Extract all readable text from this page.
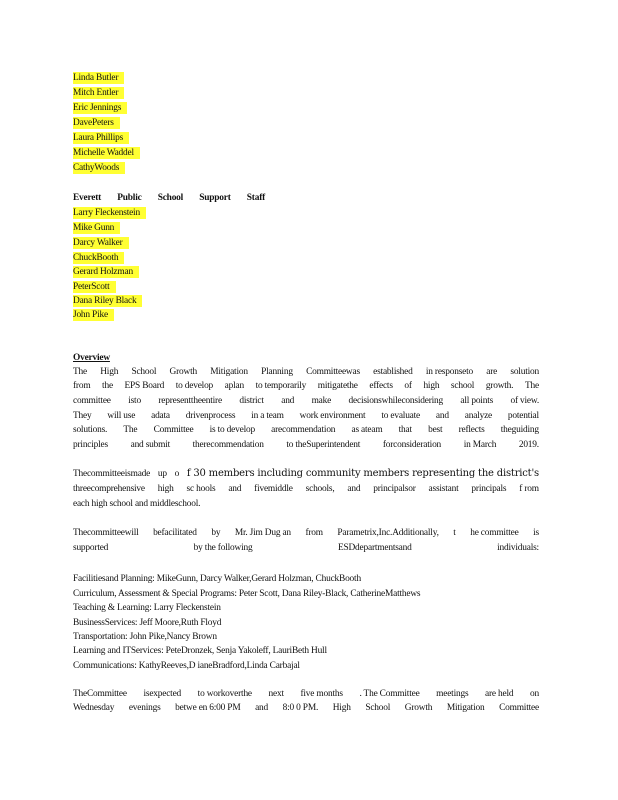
Linda Butler
Mitch Entler
Eric Jennings
DavePeters
Laura Phillips
Michelle Waddel
CathyWoods
Everett Public School Support Staff
Larry Fleckenstein
Mike Gunn
Darcy Walker
ChuckBooth
Gerard Holzman
PeterScott
Dana Riley Black
John Pike
Overview
The High School Growth Mitigation Planning Committeewas established in responseto are solution
from the EPS Board to develop aplan to temporarily mitigatethe effects of high school growth. The
committee isto representtheentire district and make decisionswhileconsidering all points of view.
They will use adata drivenprocess in a team work environment to evaluate and analyze potential
solutions. The Committee is to develop arecommendation as ateam that best reflects theguiding
principles and submit therecommendation to theSuperintendent forconsideration in March 2019.
Thecommitteeismade up o f 30 members including community members representing the district's
threecomprehensive high sc hools and fivemiddle schools, and principalsor assistant principals f rom
each high school and middleschool.
Thecommitteewill befacilitated by Mr. Jim Dug an from Parametrix,Inc.Additionally, t he committee is
supported	by the following	ESDdepartmentsand	individuals:
Facilitiesand Planning: MikeGunn, Darcy Walker,Gerard Holzman, ChuckBooth
Curriculum, Assessment & Special Programs: Peter Scott, Dana Riley-Black, CatherineMatthews
Teaching & Learning: Larry Fleckenstein
BusinessServices: Jeff Moore,Ruth Floyd
Transportation: John Pike,Nancy Brown
Learning and ITServices: PeteDronzek, Senja Yakoleff, LauriBeth Hull
Communications: KathyReeves,D ianeBradford,Linda Carbajal
TheCommittee isexpected to workoverthe next five months . The Committee meetings are held on
Wednesday evenings betwe en 6:00 PM and 8:0 0 PM. High School Growth Mitigation Committee
